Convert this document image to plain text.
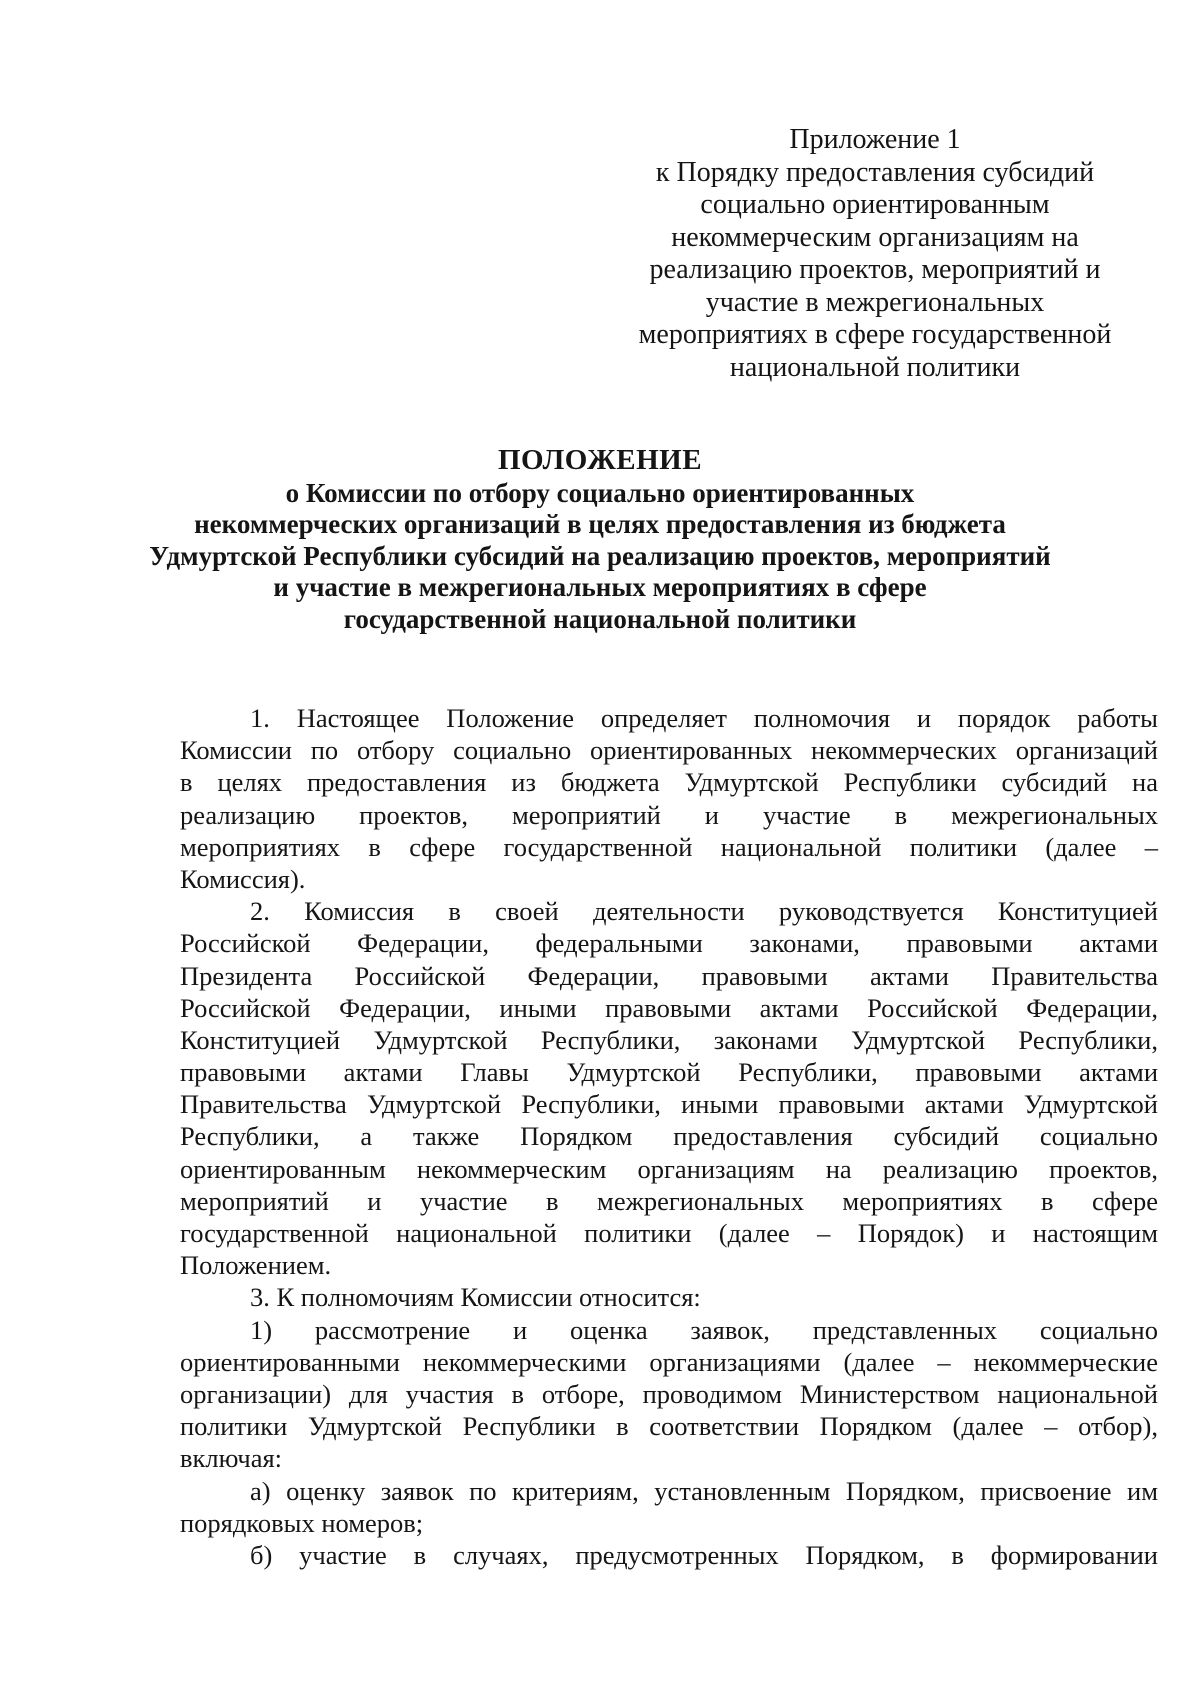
Приложение 1
к Порядку предоставления субсидий
социально ориентированным
некоммерческим организациям на
реализацию проектов, мероприятий и
участие в межрегиональных
мероприятиях в сфере государственной
национальной политики
ПОЛОЖЕНИЕ
о Комиссии по отбору социально ориентированных
некоммерческих организаций в целях предоставления из бюджета
Удмуртской Республики субсидий на реализацию проектов, мероприятий
и участие в межрегиональных мероприятиях в сфере
государственной национальной политики
1. Настоящее Положение определяет полномочия и порядок работы
Комиссии по отбору социально ориентированных некоммерческих организаций
в целях предоставления из бюджета Удмуртской Республики субсидий на
реализацию проектов, мероприятий и участие в межрегиональных
мероприятиях в сфере государственной национальной политики (далее –
Комиссия).
2. Комиссия в своей деятельности руководствуется Конституцией
Российской Федерации, федеральными законами, правовыми актами
Президента Российской Федерации, правовыми актами Правительства
Российской Федерации, иными правовыми актами Российской Федерации,
Конституцией Удмуртской Республики, законами Удмуртской Республики,
правовыми актами Главы Удмуртской Республики, правовыми актами
Правительства Удмуртской Республики, иными правовыми актами Удмуртской
Республики, а также Порядком предоставления субсидий социально
ориентированным некоммерческим организациям на реализацию проектов,
мероприятий и участие в межрегиональных мероприятиях в сфере
государственной национальной политики (далее – Порядок) и настоящим
Положением.
3. К полномочиям Комиссии относится:
1) рассмотрение и оценка заявок, представленных социально
ориентированными некоммерческими организациями (далее – некоммерческие
организации) для участия в отборе, проводимом Министерством национальной
политики Удмуртской Республики в соответствии Порядком (далее – отбор),
включая:
а) оценку заявок по критериям, установленным Порядком, присвоение им
порядковых номеров;
б) участие в случаях, предусмотренных Порядком, в формировании
